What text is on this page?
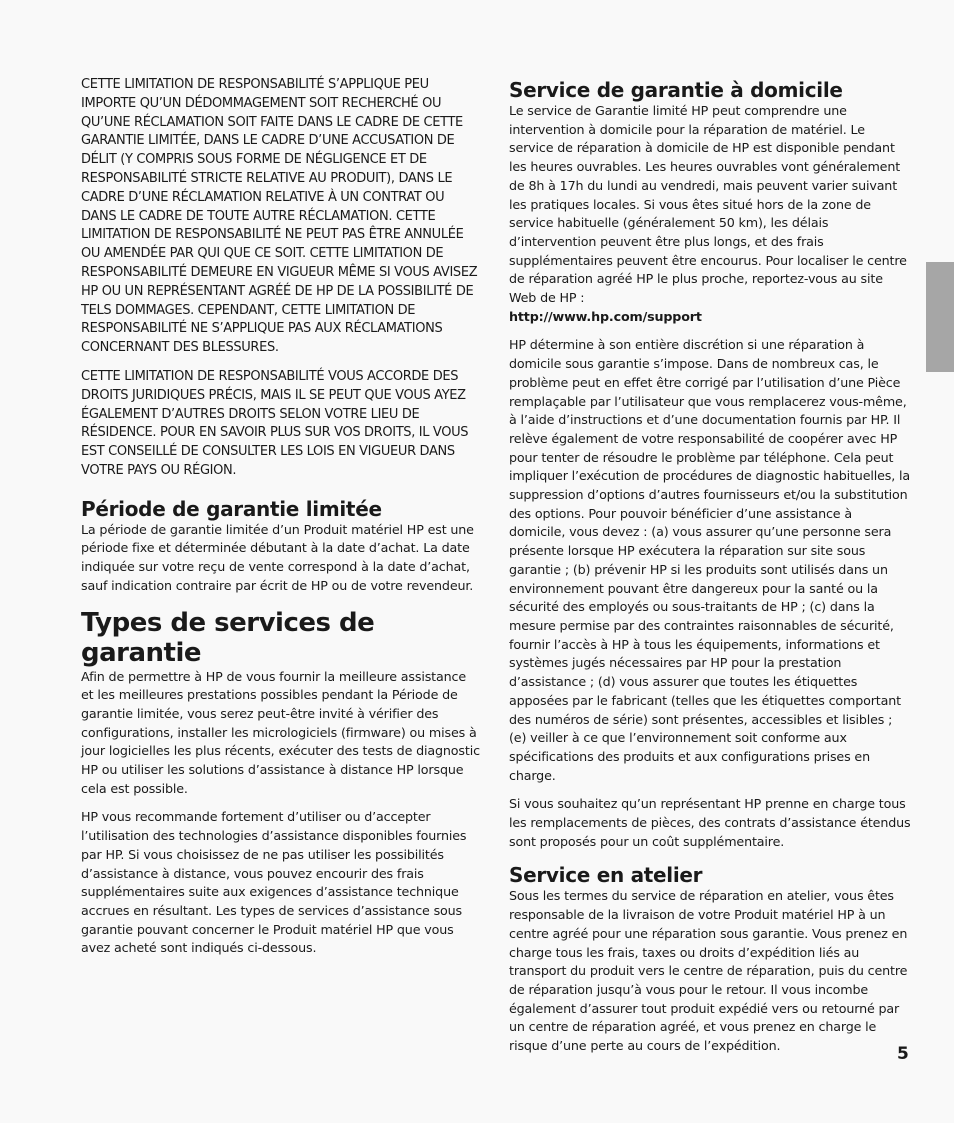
CETTE LIMITATION DE RESPONSABILITÉ S’APPLIQUE PEU IMPORTE QU’UN DÉDOMMAGEMENT SOIT RECHERCHÉ OU QU’UNE RÉCLAMATION SOIT FAITE DANS LE CADRE DE CETTE GARANTIE LIMITÉE, DANS LE CADRE D’UNE ACCUSATION DE DÉLIT (Y COMPRIS SOUS FORME DE NÉGLIGENCE ET DE RESPONSABILITÉ STRICTE RELATIVE AU PRODUIT), DANS LE CADRE D’UNE RÉCLAMATION RELATIVE À UN CONTRAT OU DANS LE CADRE DE TOUTE AUTRE RÉCLAMATION. CETTE LIMITATION DE RESPONSABILITÉ NE PEUT PAS ÊTRE ANNULÉE OU AMENDÉE PAR QUI QUE CE SOIT. CETTE LIMITATION DE RESPONSABILITÉ DEMEURE EN VIGUEUR MÊME SI VOUS AVISEZ HP OU UN REPRÉSENTANT AGRÉÉ DE HP DE LA POSSIBILITÉ DE TELS DOMMAGES. CEPENDANT, CETTE LIMITATION DE RESPONSABILITÉ NE S’APPLIQUE PAS AUX RÉCLAMATIONS CONCERNANT DES BLESSURES.

CETTE LIMITATION DE RESPONSABILITÉ VOUS ACCORDE DES DROITS JURIDIQUES PRÉCIS, MAIS IL SE PEUT QUE VOUS AYEZ ÉGALEMENT D’AUTRES DROITS SELON VOTRE LIEU DE RÉSIDENCE. POUR EN SAVOIR PLUS SUR VOS DROITS, IL VOUS EST CONSEILLÉ DE CONSULTER LES LOIS EN VIGUEUR DANS VOTRE PAYS OU RÉGION.

Période de garantie limitée

La période de garantie limitée d’un Produit matériel HP est une période fixe et déterminée débutant à la date d’achat. La date indiquée sur votre reçu de vente correspond à la date d’achat, sauf indication contraire par écrit de HP ou de votre revendeur.

Types de services de garantie

Afin de permettre à HP de vous fournir la meilleure assistance et les meilleures prestations possibles pendant la Période de garantie limitée, vous serez peut-être invité à vérifier des configurations, installer les micrologiciels (firmware) ou mises à jour logicielles les plus récents, exécuter des tests de diagnostic HP ou utiliser les solutions d’assistance à distance HP lorsque cela est possible.

HP vous recommande fortement d’utiliser ou d’accepter l’utilisation des technologies d’assistance disponibles fournies par HP. Si vous choisissez de ne pas utiliser les possibilités d’assistance à distance, vous pouvez encourir des frais supplémentaires suite aux exigences d’assistance technique accrues en résultant. Les types de services d’assistance sous garantie pouvant concerner le Produit matériel HP que vous avez acheté sont indiqués ci-dessous.

Service de garantie à domicile

Le service de Garantie limité HP peut comprendre une intervention à domicile pour la réparation de matériel. Le service de réparation à domicile de HP est disponible pendant les heures ouvrables. Les heures ouvrables vont généralement de 8h à 17h du lundi au vendredi, mais peuvent varier suivant les pratiques locales. Si vous êtes situé hors de la zone de service habituelle (généralement 50 km), les délais d’intervention peuvent être plus longs, et des frais supplémentaires peuvent être encourus. Pour localiser le centre de réparation agréé HP le plus proche, reportez-vous au site Web de HP :

http://www.hp.com/support

HP détermine à son entière discrétion si une réparation à domicile sous garantie s’impose. Dans de nombreux cas, le problème peut en effet être corrigé par l’utilisation d’une Pièce remplaçable par l’utilisateur que vous remplacerez vous-même, à l’aide d’instructions et d’une documentation fournis par HP. Il relève également de votre responsabilité de coopérer avec HP pour tenter de résoudre le problème par téléphone. Cela peut impliquer l’exécution de procédures de diagnostic habituelles, la suppression d’options d’autres fournisseurs et/ou la substitution des options. Pour pouvoir bénéficier d’une assistance à domicile, vous devez : (a) vous assurer qu’une personne sera présente lorsque HP exécutera la réparation sur site sous garantie ; (b) prévenir HP si les produits sont utilisés dans un environnement pouvant être dangereux pour la santé ou la sécurité des employés ou sous-traitants de HP ; (c) dans la mesure permise par des contraintes raisonnables de sécurité, fournir l’accès à HP à tous les équipements, informations et systèmes jugés nécessaires par HP pour la prestation d’assistance ; (d) vous assurer que toutes les étiquettes apposées par le fabricant (telles que les étiquettes comportant des numéros de série) sont présentes, accessibles et lisibles ; (e) veiller à ce que l’environnement soit conforme aux spécifications des produits et aux configurations prises en charge.

Si vous souhaitez qu’un représentant HP prenne en charge tous les remplacements de pièces, des contrats d’assistance étendus sont proposés pour un coût supplémentaire.

Service en atelier

Sous les termes du service de réparation en atelier, vous êtes responsable de la livraison de votre Produit matériel HP à un centre agréé pour une réparation sous garantie. Vous prenez en charge tous les frais, taxes ou droits d’expédition liés au transport du produit vers le centre de réparation, puis du centre de réparation jusqu’à vous pour le retour. Il vous incombe également d’assurer tout produit expédié vers ou retourné par un centre de réparation agréé, et vous prenez en charge le risque d’une perte au cours de l’expédition.	5
